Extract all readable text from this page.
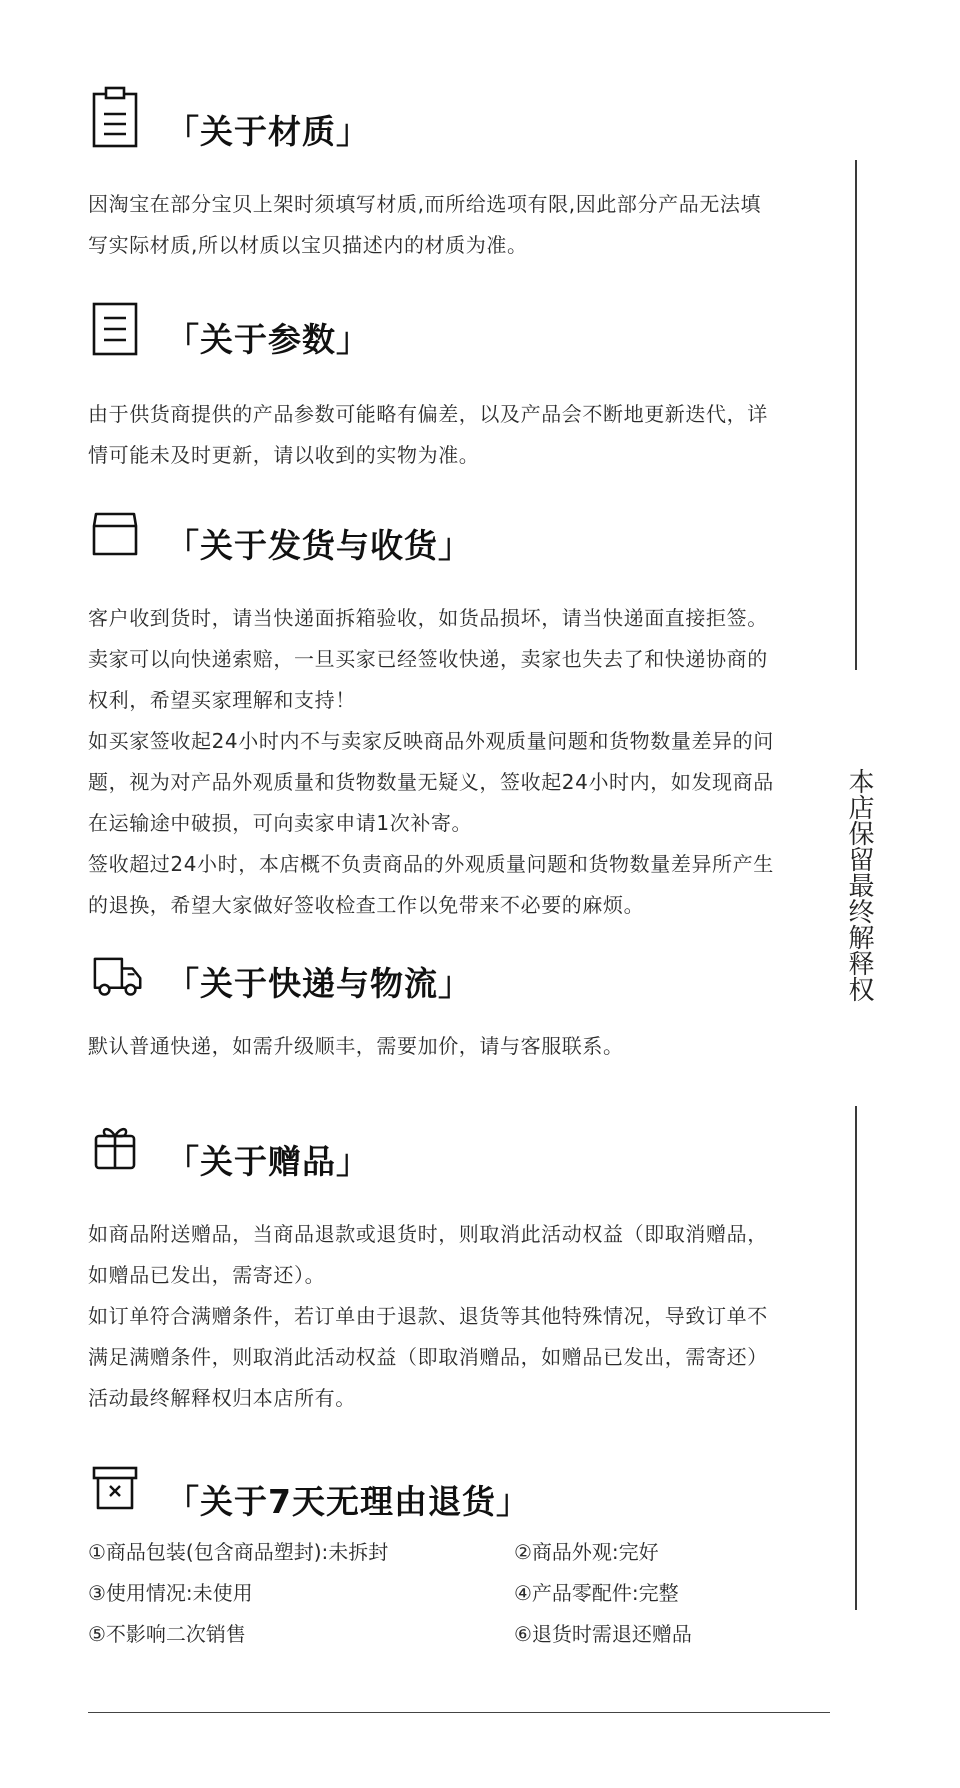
「关于材质」

因淘宝在部分宝贝上架时须填写材质,而所给选项有限,因此部分产品无法填

写实际材质,所以材质以宝贝描述内的材质为准。

「关于参数」

由于供货商提供的产品参数可能略有偏差，以及产品会不断地更新迭代，详

情可能未及时更新，请以收到的实物为准。

「关于发货与收货」

客户收到货时，请当快递面拆箱验收，如货品损坏，请当快递面直接拒签。

卖家可以向快递索赔，一旦买家已经签收快递，卖家也失去了和快递协商的

权利，希望买家理解和支持！

如买家签收起24小时内不与卖家反映商品外观质量问题和货物数量差异的问

题，视为对产品外观质量和货物数量无疑义，签收起24小时内，如发现商品

在运输途中破损，可向卖家申请1次补寄。

签收超过24小时，本店概不负责商品的外观质量问题和货物数量差异所产生

的退换，希望大家做好签收检查工作以免带来不必要的麻烦。

「关于快递与物流」

默认普通快递，如需升级顺丰，需要加价，请与客服联系。

「关于赠品」

如商品附送赠品，当商品退款或退货时，则取消此活动权益（即取消赠品，

如赠品已发出，需寄还）。

如订单符合满赠条件，若订单由于退款、退货等其他特殊情况，导致订单不

满足满赠条件，则取消此活动权益（即取消赠品，如赠品已发出，需寄还）

活动最终解释权归本店所有。

「关于7天无理由退货」
①商品包装(包含商品塑封):未拆封	②商品外观:完好
③使用情况:未使用	④产品零配件:完整
⑤不影响二次销售	⑥退货时需退还赠品
本店保留最终解释权
